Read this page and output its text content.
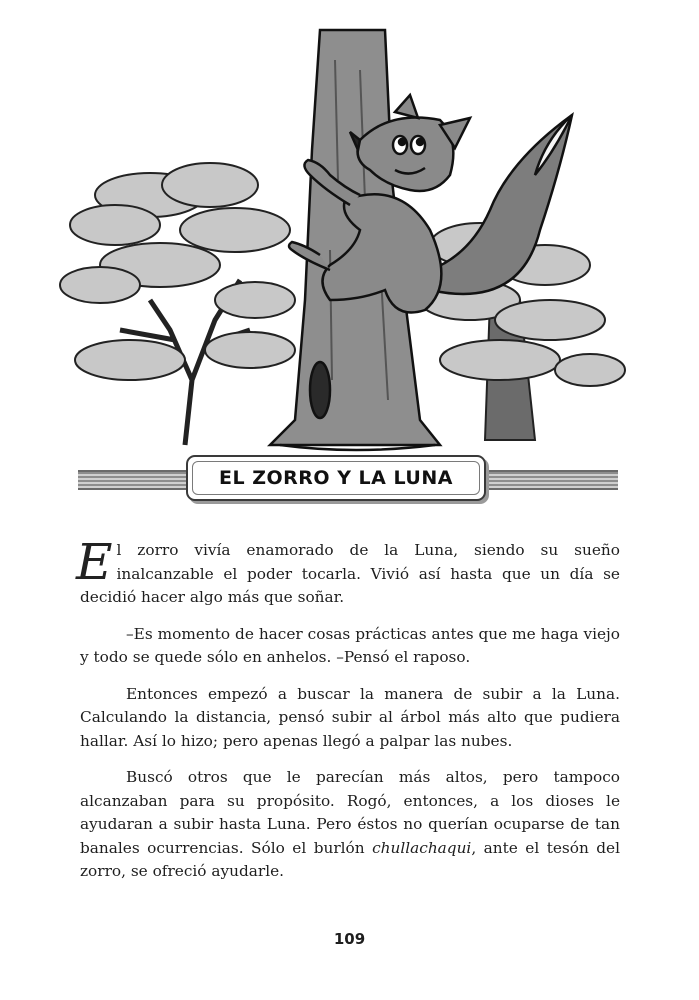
EL ZORRO Y LA LUNA

El zorro vivía enamorado de la Luna, siendo su sueño inalcanzable el poder tocarla. Vivió así hasta que un día se decidió hacer algo más que soñar.

–Es momento de hacer cosas prácticas antes que me haga viejo y todo se quede sólo en anhelos. –Pensó el raposo.

Entonces empezó a buscar la manera de subir a la Luna. Calculando la distancia, pensó subir al árbol más alto que pudiera hallar. Así lo hizo; pero apenas llegó a palpar las nubes.

Buscó otros que le parecían más altos, pero tampoco alcanzaban para su propósito. Rogó, entonces, a los dioses le ayudaran a subir hasta Luna. Pero éstos no querían ocuparse de tan banales ocurrencias. Sólo el burlón chullachaqui, ante el tesón del zorro, se ofreció ayudarle.

109
